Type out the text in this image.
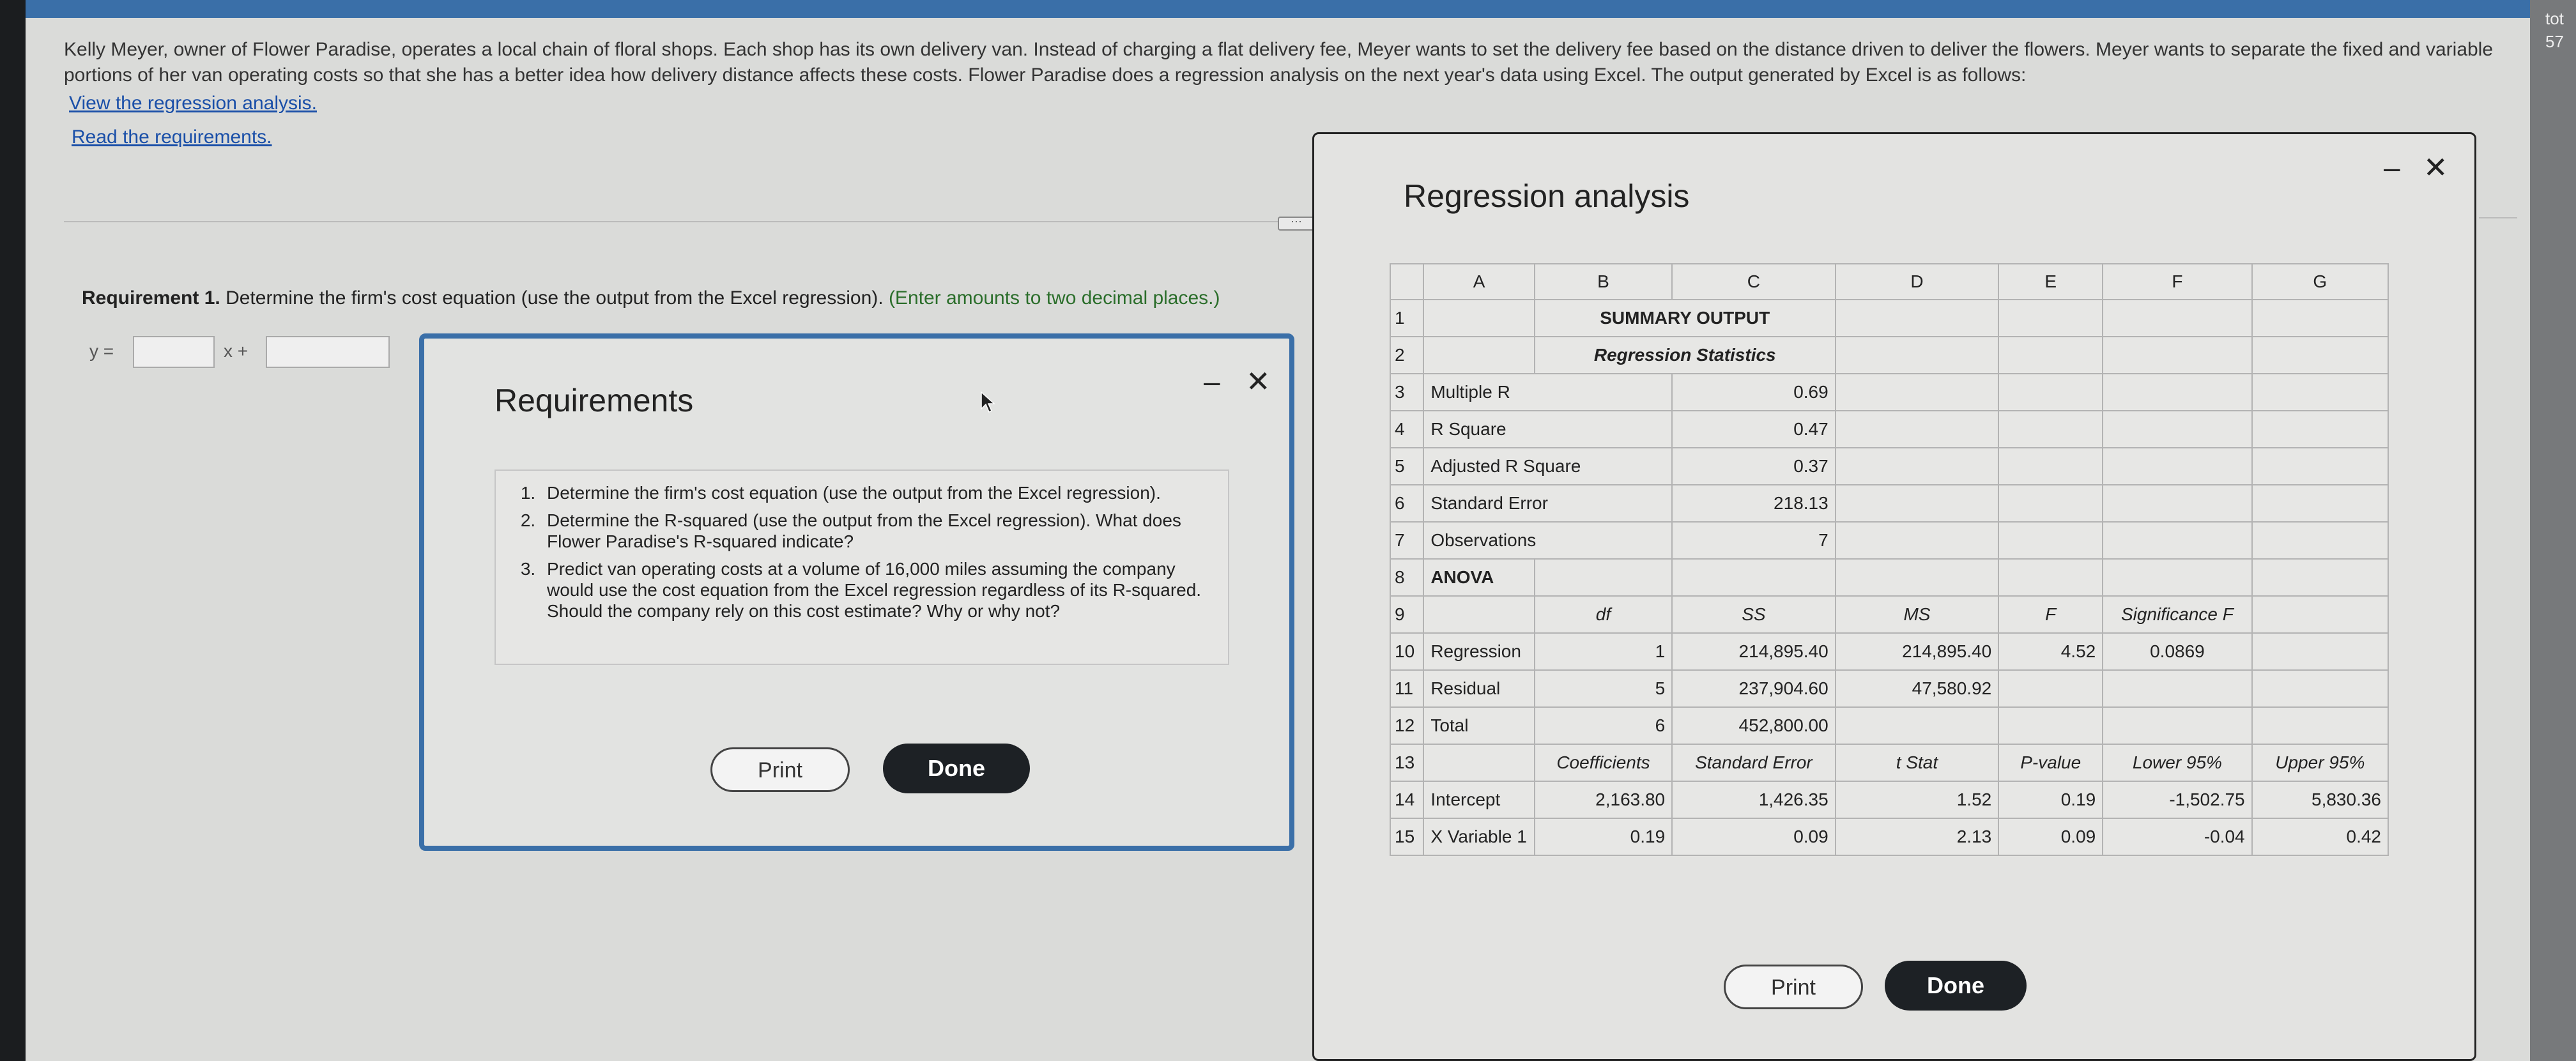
tot
57

Kelly Meyer, owner of Flower Paradise, operates a local chain of floral shops. Each shop has its own delivery van. Instead of charging a flat delivery fee, Meyer wants to set the delivery fee based on the distance driven to deliver the flowers. Meyer wants to separate the fixed and variable portions of her van operating costs so that she has a better idea how delivery distance affects these costs. Flower Paradise does a regression analysis on the next year's data using Excel. The output generated by Excel is as follows:

View the regression analysis.
Read the requirements.
···
Requirement 1. Determine the firm's cost equation (use the output from the Excel regression). (Enter amounts to two decimal places.)
y =	x +
Requirements
– ✕
1. Determine the firm's cost equation (use the output from the Excel regression).
2. Determine the R-squared (use the output from the Excel regression). What does Flower Paradise's R-squared indicate?
3. Predict van operating costs at a volume of 16,000 miles assuming the company would use the cost equation from the Excel regression regardless of its R-squared. Should the company rely on this cost estimate? Why or why not?
Print	Done
Regression analysis
– ✕
	A	B	C	D	E	F	G
1		SUMMARY OUTPUT					
2		Regression Statistics					
3	Multiple R		0.69				
4	R Square		0.47				
5	Adjusted R Square		0.37				
6	Standard Error		218.13				
7	Observations		7				
8	ANOVA						
9		df	SS	MS	F	Significance F	
10	Regression	1	214,895.40	214,895.40	4.52	0.0869	
11	Residual	5	237,904.60	47,580.92			
12	Total	6	452,800.00				
13		Coefficients	Standard Error	t Stat	P-value	Lower 95%	Upper 95%
14	Intercept	2,163.80	1,426.35	1.52	0.19	-1,502.75	5,830.36
15	X Variable 1	0.19	0.09	2.13	0.09	-0.04	0.42
Print	Done
